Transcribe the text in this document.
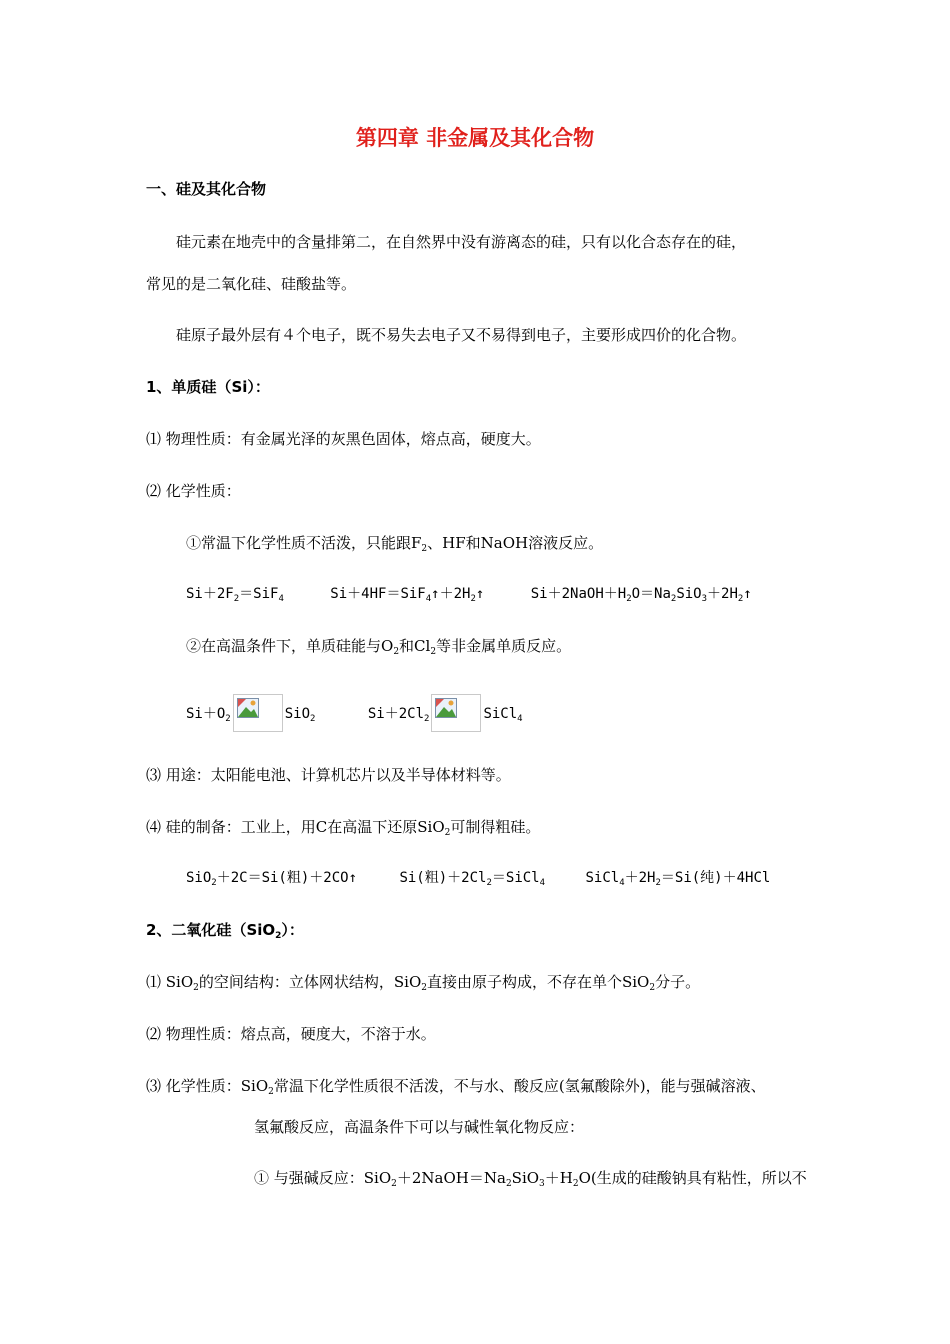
第四章 非金属及其化合物
一、硅及其化合物
硅元素在地壳中的含量排第二，在自然界中没有游离态的硅，只有以化合态存在的硅，
常见的是二氧化硅、硅酸盐等。
硅原子最外层有４个电子，既不易失去电子又不易得到电子，主要形成四价的化合物。
1、单质硅（Si）：
⑴ 物理性质：有金属光泽的灰黑色固体，熔点高，硬度大。
⑵ 化学性质：
①常温下化学性质不活泼，只能跟$F_2$、HF和NaOH溶液反应。
$Si+2F_2=SiF_4$	$Si+4HF=SiF_4↑+2H_2↑$	$Si+2NaOH+H_2O=Na_2SiO_3+2H_2↑$
②在高温条件下，单质硅能与$O_2$和$Cl_2$等非金属单质反应。
$Si+O_2$	SiO$_2$	$Si+2Cl_2$	SiCl$_4$
⑶ 用途：太阳能电池、计算机芯片以及半导体材料等。
⑷ 硅的制备：工业上，用C在高温下还原SiO$_2$可制得粗硅。
SiO$_2$＋2C＝Si(粗)＋2CO↑	Si(粗)$+2Cl_2=SiCl_4$	$SiCl_4+2H_2=Si$(纯)＋4HCl
2、二氧化硅（SiO$_2$）：
⑴ SiO$_2$的空间结构：立体网状结构，SiO$_2$直接由原子构成，不存在单个SiO$_2$分子。
⑵ 物理性质：熔点高，硬度大，不溶于水。
⑶ 化学性质：SiO$_2$常温下化学性质很不活泼，不与水、酸反应(氢氟酸除外)，能与强碱溶液、
氢氟酸反应，高温条件下可以与碱性氧化物反应：
① 与强碱反应：$SiO_2+2NaOH=Na_2SiO_3+H_2O$(生成的硅酸钠具有粘性，所以不
